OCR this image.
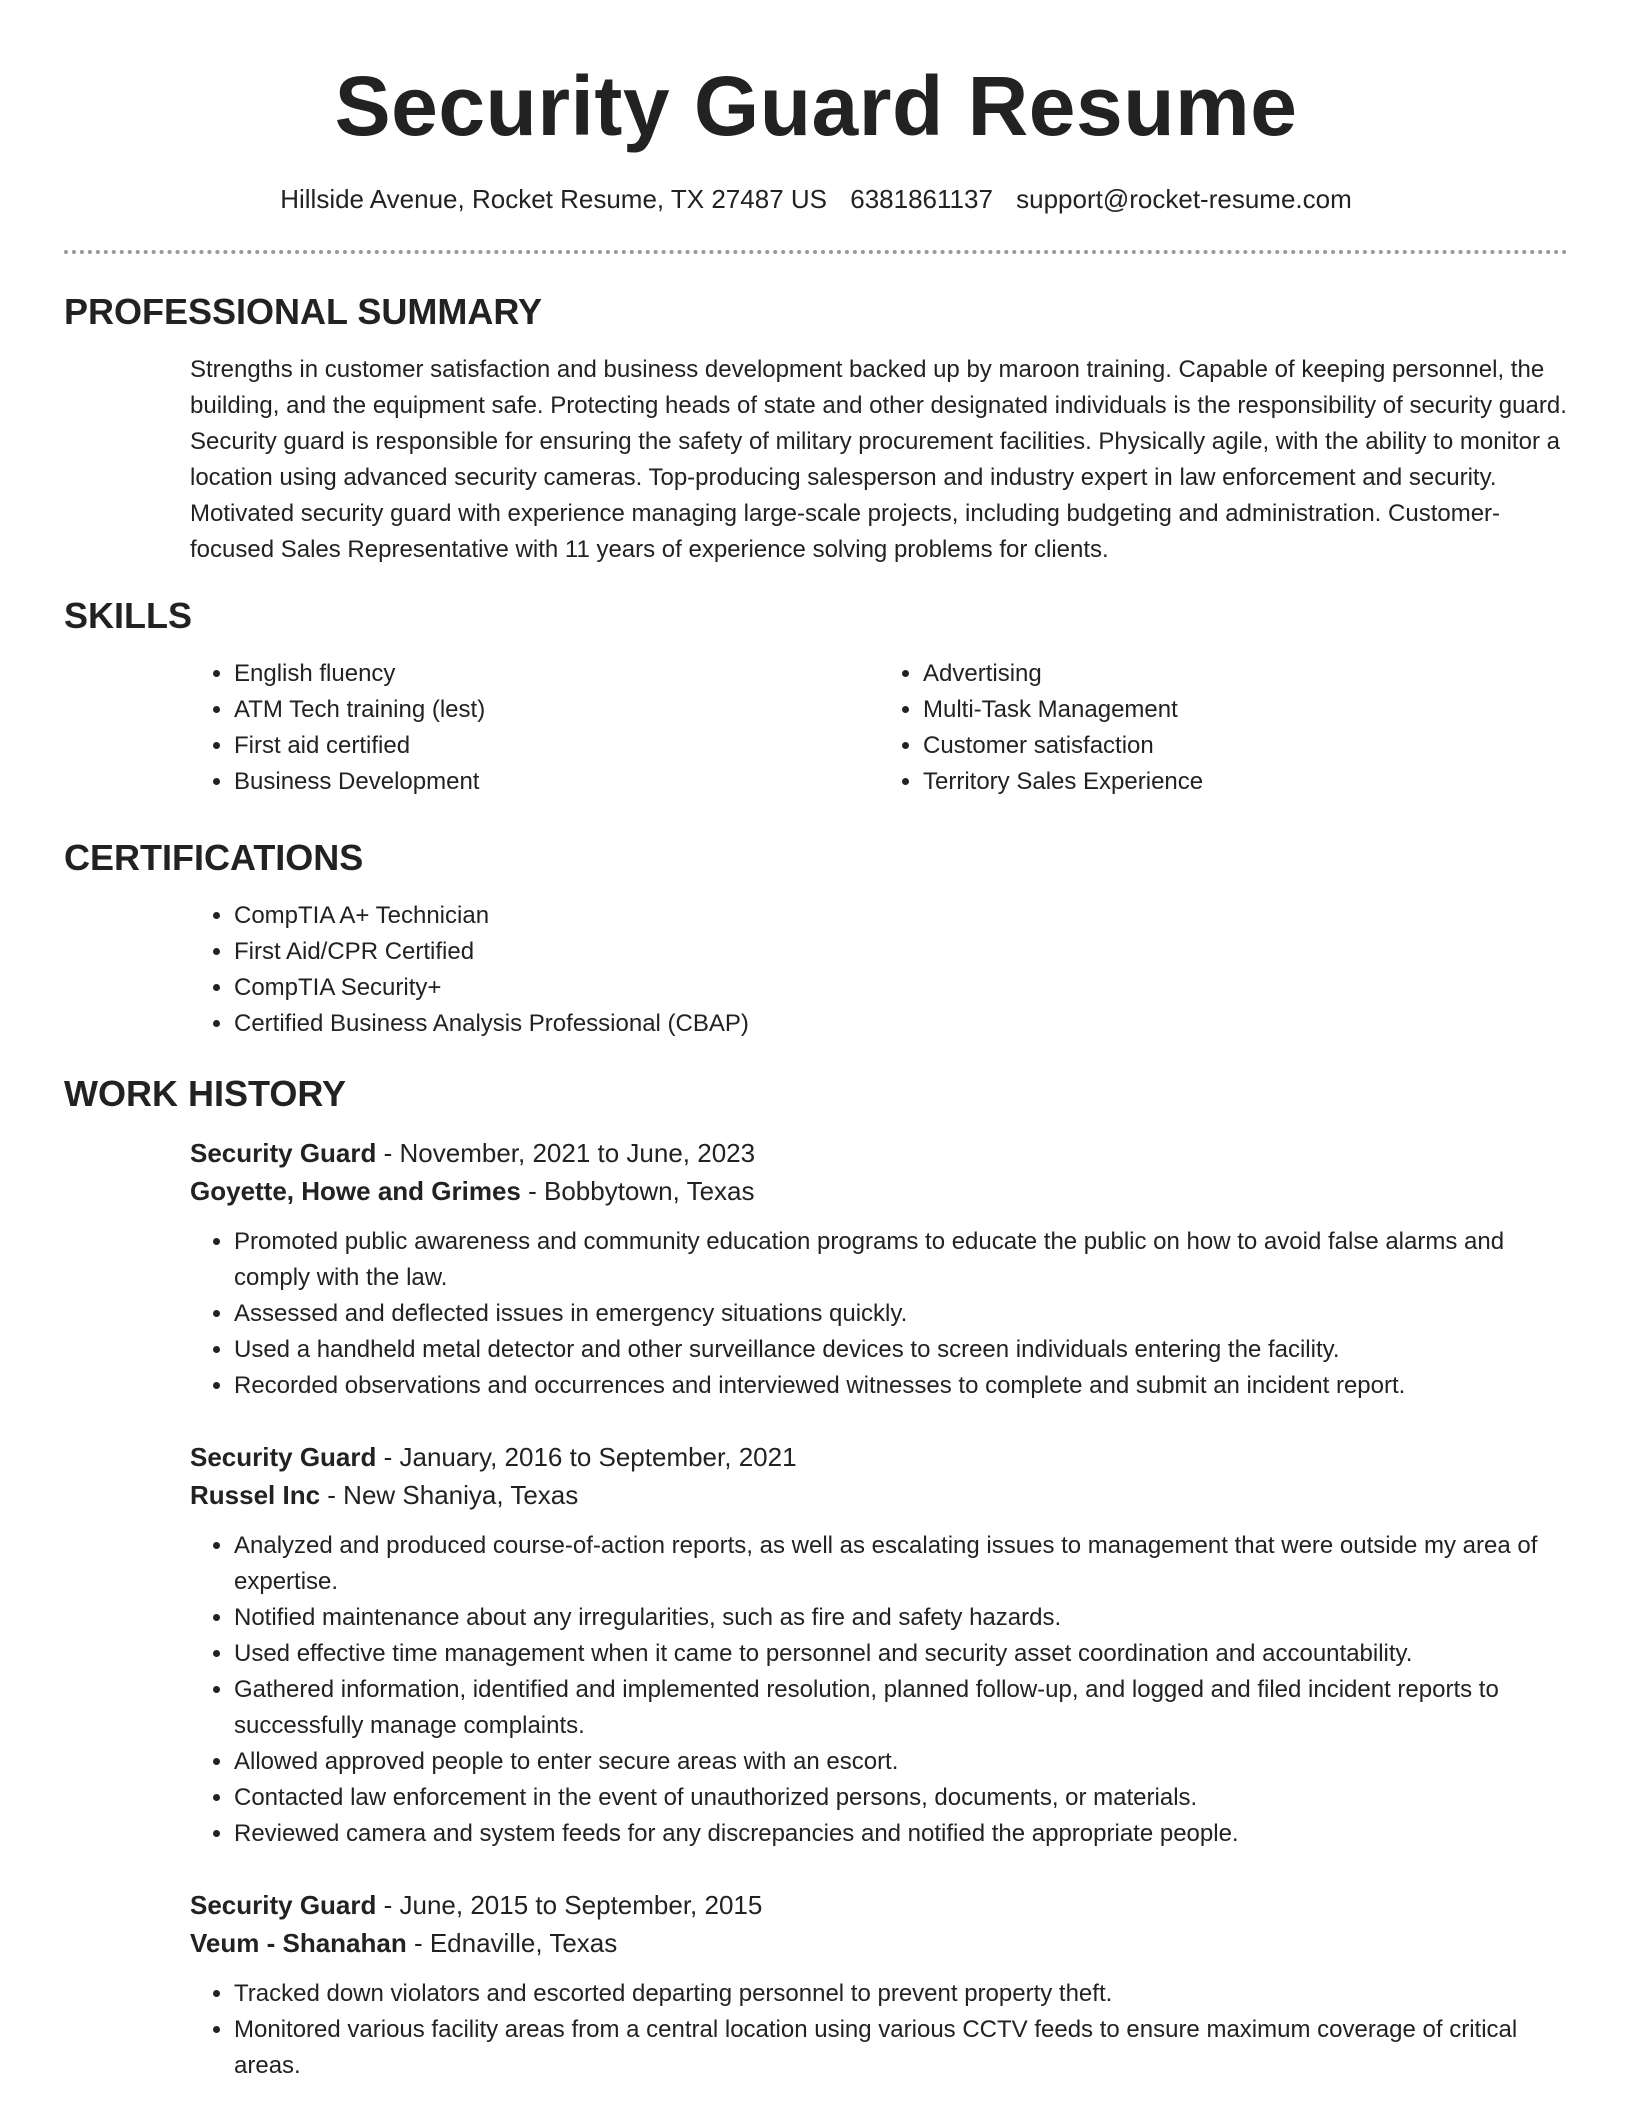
Security Guard Resume
Hillside Avenue, Rocket Resume, TX 27487 US 6381861137 support@rocket-resume.com
PROFESSIONAL SUMMARY

Strengths in customer satisfaction and business development backed up by maroon training. Capable of keeping personnel, the building, and the equipment safe. Protecting heads of state and other designated individuals is the responsibility of security guard. Security guard is responsible for ensuring the safety of military procurement facilities. Physically agile, with the ability to monitor a location using advanced security cameras. Top-producing salesperson and industry expert in law enforcement and security. Motivated security guard with experience managing large-scale projects, including budgeting and administration. Customer-focused Sales Representative with 11 years of experience solving problems for clients.

SKILLS
• English fluency
• ATM Tech training (lest)
• First aid certified
• Business Development
• Advertising
• Multi-Task Management
• Customer satisfaction
• Territory Sales Experience
CERTIFICATIONS
• CompTIA A+ Technician
• First Aid/CPR Certified
• CompTIA Security+
• Certified Business Analysis Professional (CBAP)
WORK HISTORY
Security Guard - November, 2021 to June, 2023
Goyette, Howe and Grimes - Bobbytown, Texas
• Promoted public awareness and community education programs to educate the public on how to avoid false alarms and comply with the law.
• Assessed and deflected issues in emergency situations quickly.
• Used a handheld metal detector and other surveillance devices to screen individuals entering the facility.
• Recorded observations and occurrences and interviewed witnesses to complete and submit an incident report.
Security Guard - January, 2016 to September, 2021
Russel Inc - New Shaniya, Texas
• Analyzed and produced course-of-action reports, as well as escalating issues to management that were outside my area of expertise.
• Notified maintenance about any irregularities, such as fire and safety hazards.
• Used effective time management when it came to personnel and security asset coordination and accountability.
• Gathered information, identified and implemented resolution, planned follow-up, and logged and filed incident reports to successfully manage complaints.
• Allowed approved people to enter secure areas with an escort.
• Contacted law enforcement in the event of unauthorized persons, documents, or materials.
• Reviewed camera and system feeds for any discrepancies and notified the appropriate people.
Security Guard - June, 2015 to September, 2015
Veum - Shanahan - Ednaville, Texas
• Tracked down violators and escorted departing personnel to prevent property theft.
• Monitored various facility areas from a central location using various CCTV feeds to ensure maximum coverage of critical areas.
